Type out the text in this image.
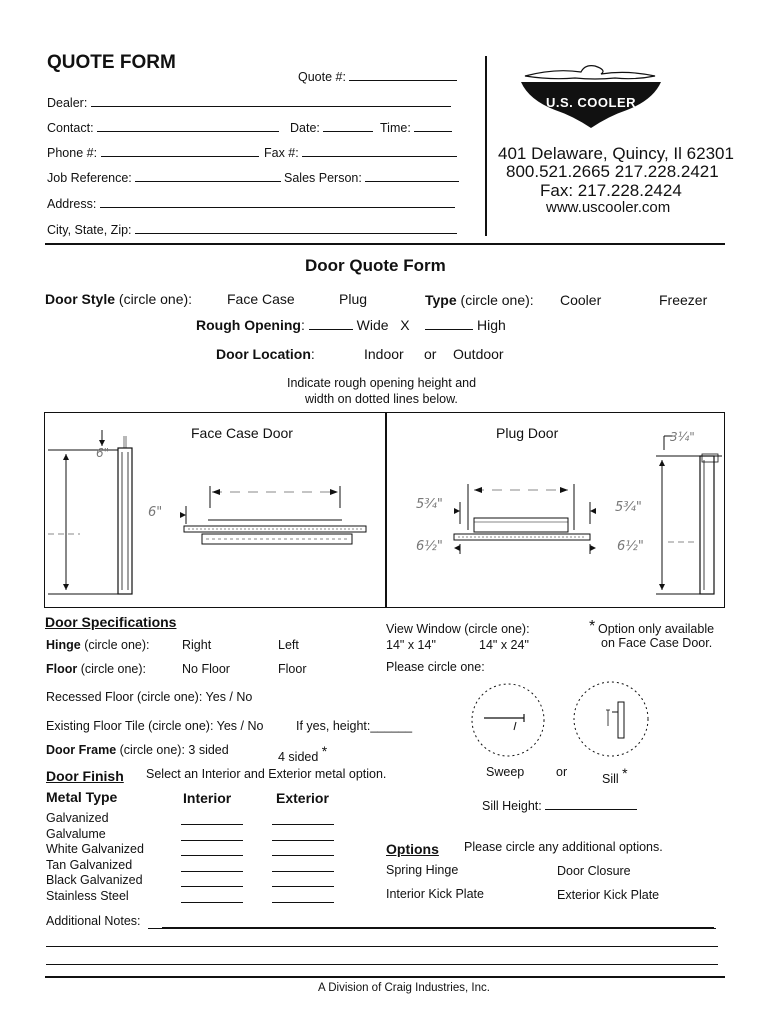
QUOTE FORM
Quote #:
Dealer:
Contact:	Date:	Time:
Phone #:	Fax #:
Job Reference:	Sales Person:
Address:
City, State, Zip:
U.S. COOLER
401 Delaware, Quincy, Il 62301
800.521.2665 217.228.2421
Fax: 217.228.2424
www.uscooler.com
Door Quote Form
Door Style (circle one): Face Case	Plug	Type (circle one): Cooler	Freezer
Rough Opening:	Wide X	High
Door Location:	Indoor or Outdoor
Indicate rough opening height and
width on dotted lines below.
Face Case Door	Plug Door
6"
6"
5¾"	5¾"
6½"	6½"
3¼"
Door Specifications
Hinge (circle one):	Right	Left
Floor (circle one):	No Floor	Floor
Recessed Floor (circle one): Yes / No
Existing Floor Tile (circle one): Yes / No	If yes, height:______
Door Frame (circle one): 3 sided
4 sided *
View Window (circle one):
14" x 14"	14" x 24"
* Option only available
on Face Case Door.
Please circle one:
Sweep	or
Sill *
Sill Height:
Door Finish Select an Interior and Exterior metal option.
Metal Type	Interior	Exterior
Galvanized
Galvalume
White Galvanized
Tan Galvanized
Black Galvanized
Stainless Steel
Options Please circle any additional options.
Spring Hinge	Door Closure
Interior Kick Plate	Exterior Kick Plate
Additional Notes:
A Division of Craig Industries, Inc.
